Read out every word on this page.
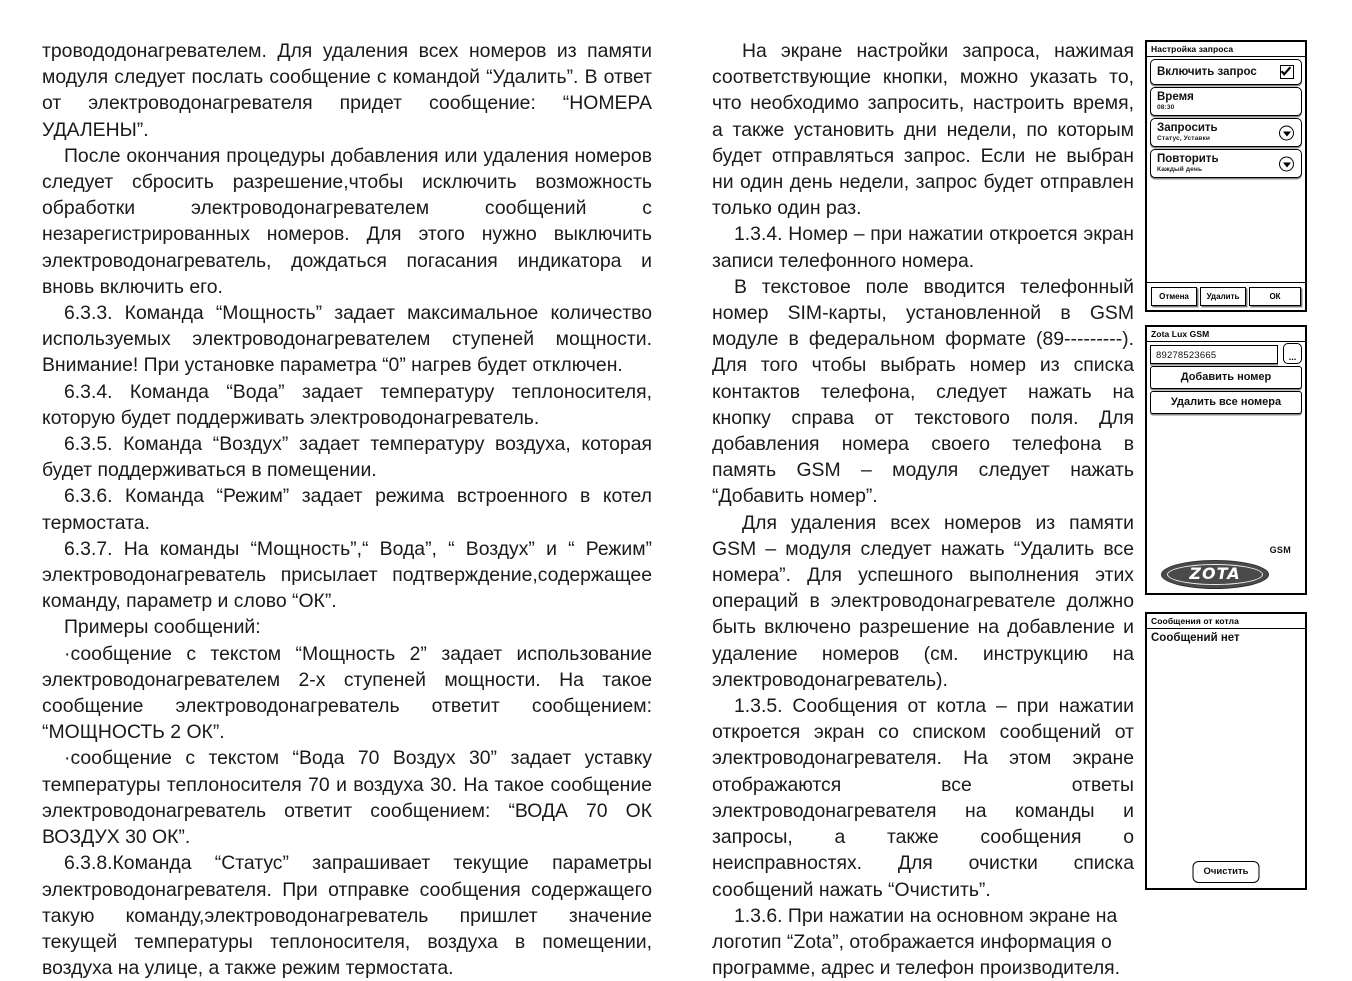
тровододонагревателем. Для удаления всех номеров из памяти модуля следует послать сообщение с командой “Удалить”. В ответ от электроводонагревателя придет сообщение: “НОМЕРА УДАЛЕНЫ”.

После окончания процедуры добавления или удаления номеров следует сбросить разрешение,чтобы исключить возможность обработки электроводонагревателем сообщений с незарегистрированных номеров. Для этого нужно выключить электроводонагреватель, дождаться погасания индикатора и вновь включить его.

6.3.3. Команда “Мощность” задает максимальное количество используемых электроводонагревателем ступеней мощности. Внимание! При установке параметра “0” нагрев будет отключен.

6.3.4. Команда “Вода” задает температуру теплоносителя, которую будет поддерживать электроводонагреватель.

6.3.5. Команда “Воздух” задает температуру воздуха, которая будет поддерживаться в помещении.

6.3.6. Команда “Режим” задает режима встроенного в котел термостата.

6.3.7. На команды “Мощность”,“ Вода”, “ Воздух” и “ Режим” электроводонагреватель присылает подтверждение,содержащее команду, параметр и слово “ОК”.

Примеры сообщений:

·сообщение с текстом “Мощность 2” задает использование электроводонагревателем 2-х ступеней мощности. На такое сообщение электроводонагреватель ответит сообщением: “МОЩНОСТЬ 2 ОК”.

·сообщение с текстом “Вода 70 Воздух 30” задает уставку температуры теплоносителя 70 и воздуха 30. На такое сообщение электроводонагреватель ответит сообщением: “ВОДА 70 ОК ВОЗДУХ 30 ОК”.

6.3.8.Команда “Статус” запрашивает текущие параметры электроводонагревателя. При отправке сообщения содержащего такую команду,электроводонагреватель пришлет значение текущей температуры теплоносителя, воздуха в помещении, воздуха на улице, а также режим термостата.

На экране настройки запроса, нажимая соответствующие кнопки, можно указать то, что необходимо запросить, настроить время, а также установить дни недели, по которым будет отправляться запрос. Если не выбран ни один день недели, запрос будет отправлен только один раз.

1.3.4. Номер – при нажатии откроется экран записи телефонного номера.

В текстовое поле вводится телефонный номер SIM-карты, установленной в GSM модуле в федеральном формате (89---------). Для того чтобы выбрать номер из списка контактов телефона, следует нажать на кнопку справа от текстового поля. Для добавления номера своего телефона в память GSM – модуля следует нажать “Добавить номер”.

Для удаления всех номеров из памяти GSM – модуля следует нажать “Удалить все номера”. Для успешного выполнения этих операций в электроводонагревателе должно быть включено разрешение на добавление и удаление номеров (см. инструкцию на электроводонагреватель).

1.3.5. Сообщения от котла – при нажатии откроется экран со списком сообщений от электроводонагревателя. На этом экране отображаются все ответы электроводонагревателя на команды и запросы, а также сообщения о неисправностях. Для очистки списка сообщений нажать “Очистить”.

1.3.6. При нажатии на основном экране на логотип “Zota”, отображается информация о программе, адрес и телефон производителя.

Настройка запроса
Включить запрос
Время
08:30
Запросить
Статус, Уставки
Повторить
Каждый день
Отмена	Удалить	ОК
Zota Lux GSM
89278523665	...
Добавить номер
Удалить все номера
GSM
ZOTA
Сообщения от котла
Сообщений нет
Очистить
